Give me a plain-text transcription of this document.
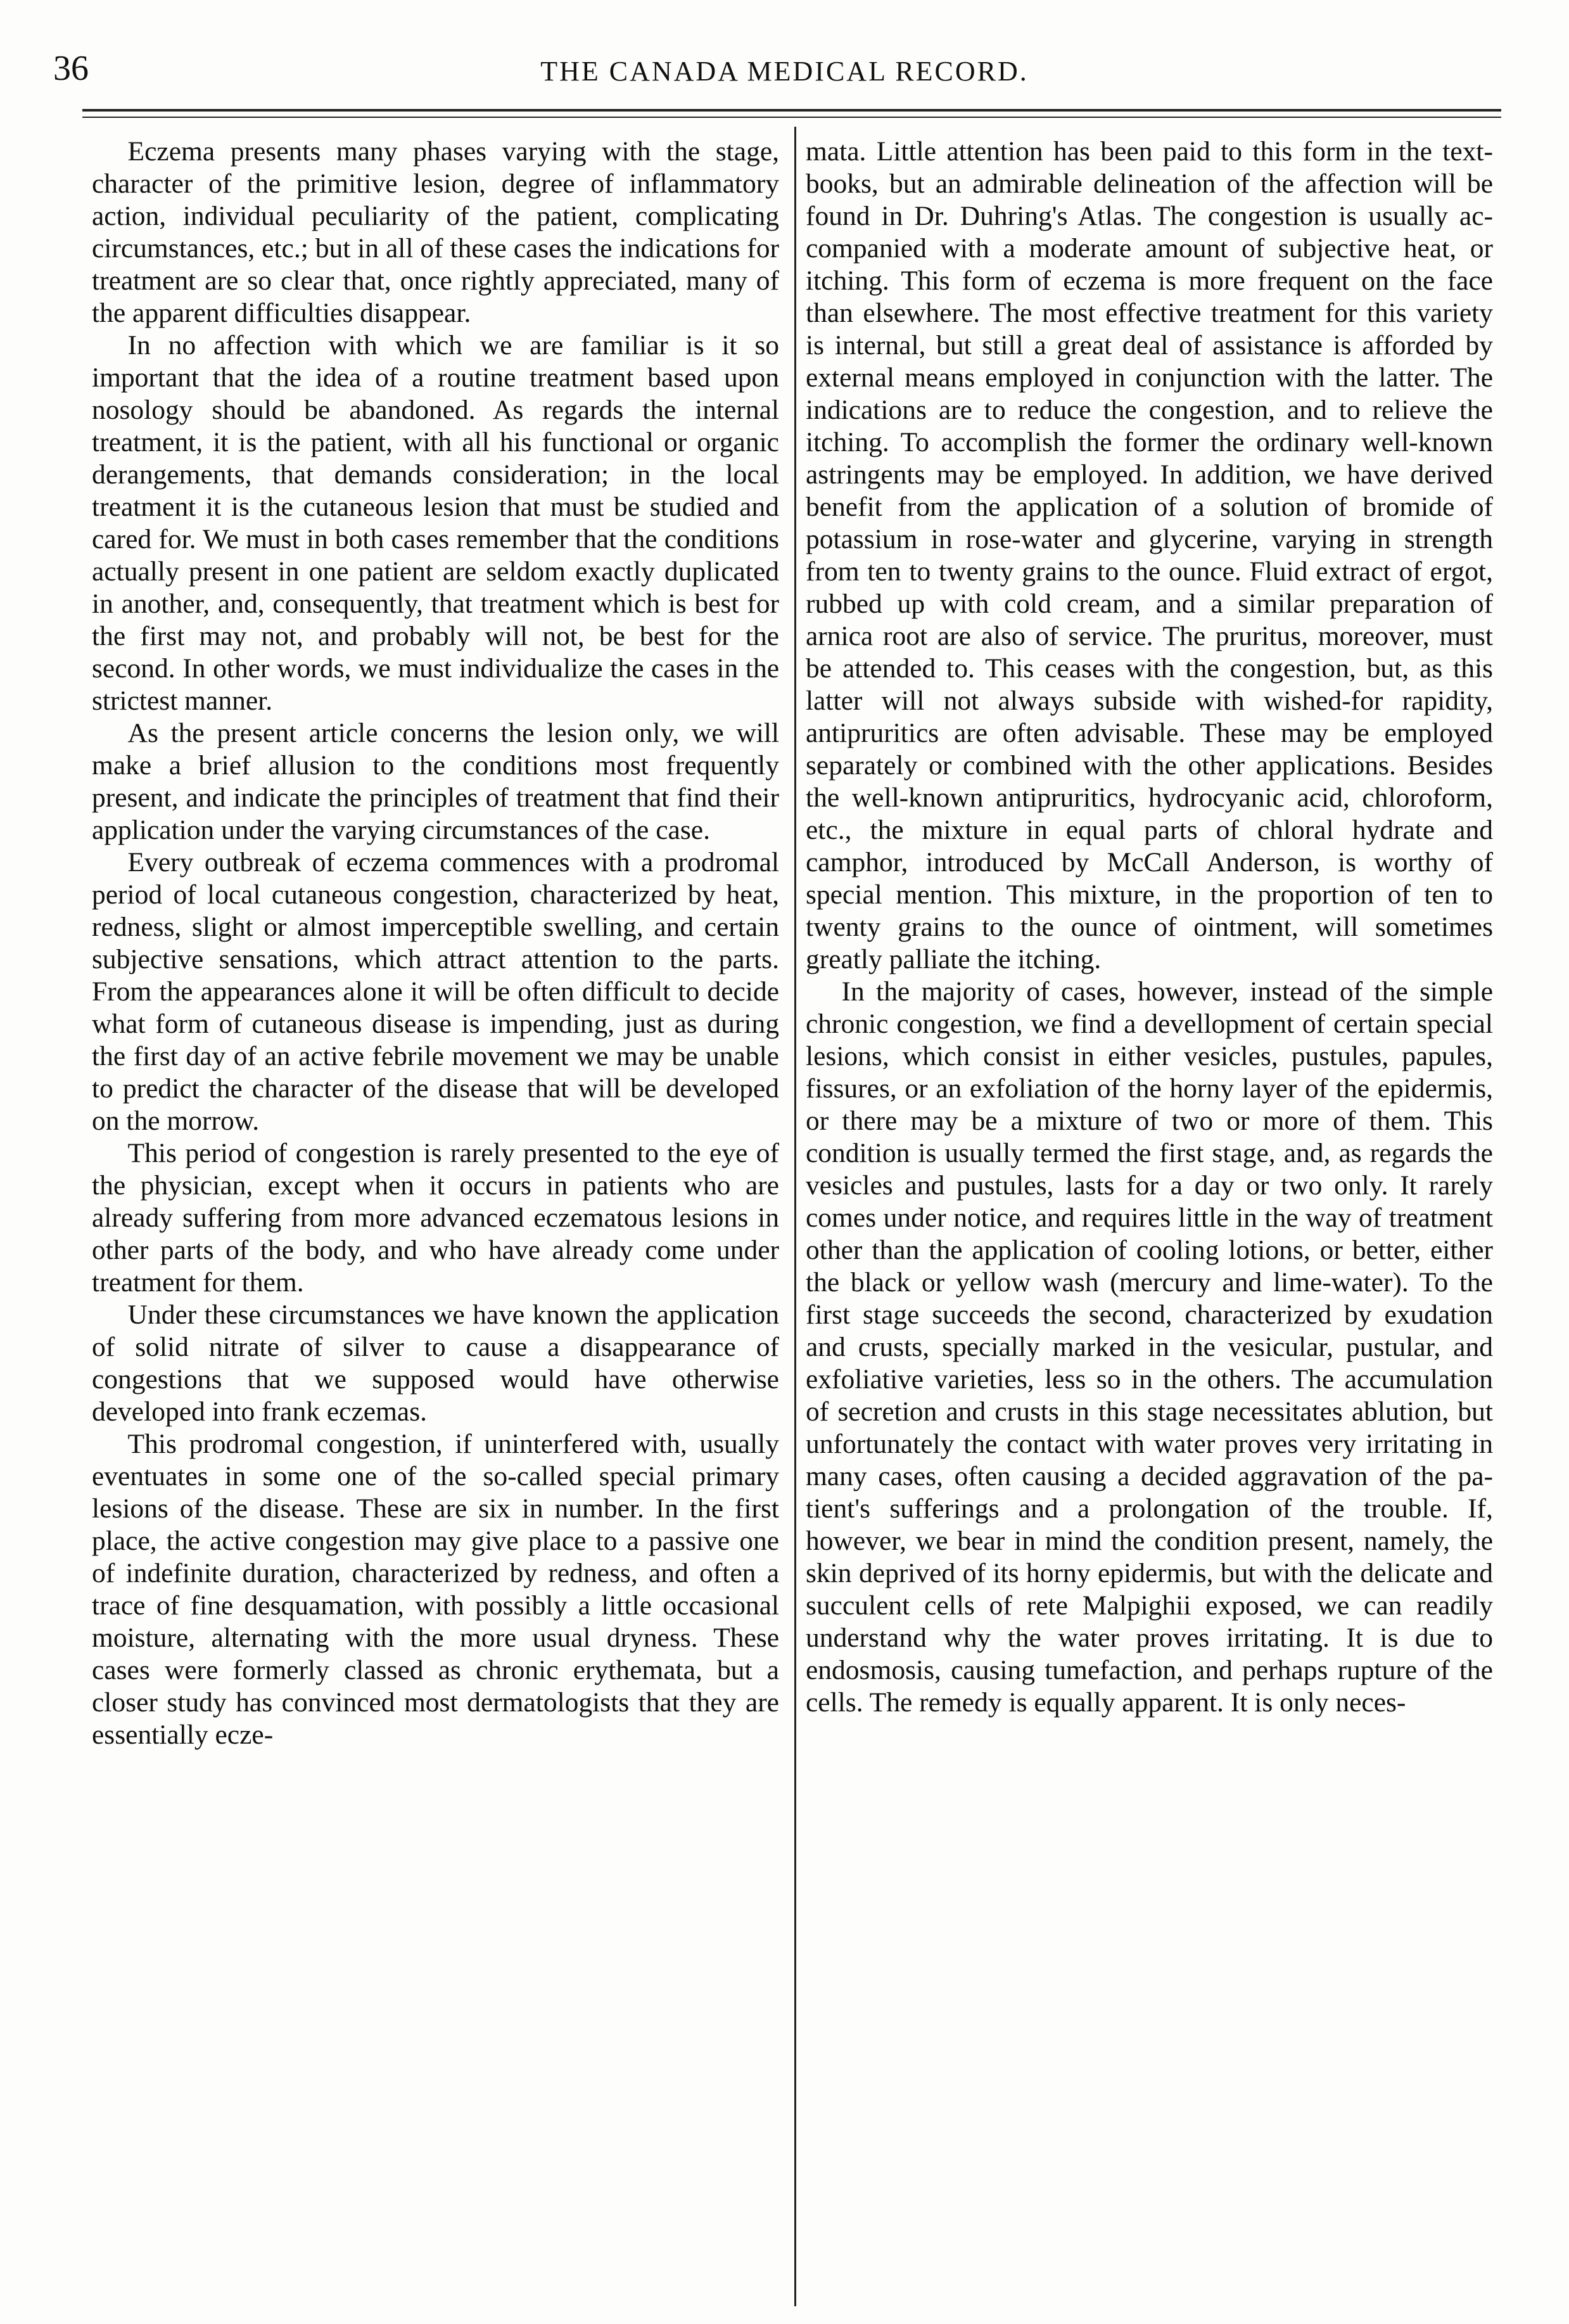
36	THE CANADA MEDICAL RECORD.

Eczema presents many phases varying with the stage, character of the primitive lesion, degree of inflammatory action, individual peculiarity of the patient, complicating circumstances, etc.; but in all of these cases the indications for treatment are so clear that, once rightly appreciated, many of the apparent difficulties disappear.

In no affection with which we are familiar is it so important that the idea of a routine treatment based upon nosology should be abandoned. As regards the internal treatment, it is the patient, with all his functional or organic derangements, that demands consideration; in the local treatment it is the cutaneous lesion that must be studied and cared for. We must in both cases remember that the conditions actually present in one patient are seldom exactly duplicated in another, and, consequently, that treatment which is best for the first may not, and probably will not, be best for the second. In other words, we must individualize the cases in the strictest manner.

As the present article concerns the lesion only, we will make a brief allusion to the conditions most frequently present, and indicate the principles of treatment that find their application under the varying circumstances of the case.

Every outbreak of eczema commences with a prodromal period of local cutaneous congestion, characterized by heat, redness, slight or almost imperceptible swelling, and certain subjective sensations, which attract attention to the parts. From the appearances alone it will be often difficult to decide what form of cutaneous disease is impending, just as during the first day of an active febrile movement we may be unable to predict the character of the disease that will be developed on the morrow.

This period of congestion is rarely presented to the eye of the physician, except when it occurs in patients who are already suffering from more advanced eczematous lesions in other parts of the body, and who have already come under treatment for them.

Under these circumstances we have known the application of solid nitrate of silver to cause a disappearance of congestions that we supposed would have otherwise developed into frank eczemas.

This prodromal congestion, if uninterfered with, usually eventuates in some one of the so-called special primary lesions of the disease. These are six in number. In the first place, the active congestion may give place to a passive one of indefinite duration, characterized by redness, and often a trace of fine desquamation, with possibly a little occasional moisture, alternating with the more usual dryness. These cases were formerly classed as chronic erythemata, but a closer study has convinced most dermatologists that they are essentially ecze-

mata. Little attention has been paid to this form in the text-books, but an admirable delineation of the affection will be found in Dr. Duhring's Atlas. The congestion is usually accompanied with a moderate amount of subjective heat, or itching. This form of eczema is more frequent on the face than elsewhere. The most effective treatment for this variety is internal, but still a great deal of assistance is afforded by external means employed in conjunction with the latter. The indications are to reduce the congestion, and to relieve the itching. To accomplish the former the ordinary well-known astringents may be employed. In addition, we have derived benefit from the application of a solution of bromide of potassium in rose-water and glycerine, varying in strength from ten to twenty grains to the ounce. Fluid extract of ergot, rubbed up with cold cream, and a similar preparation of arnica root are also of service. The pruritus, moreover, must be attended to. This ceases with the congestion, but, as this latter will not always subside with wished-for rapidity, antipruritics are often advisable. These may be employed separately or combined with the other applications. Besides the well-known antipruritics, hydrocyanic acid, chloroform, etc., the mixture in equal parts of chloral hydrate and camphor, introduced by McCall Anderson, is worthy of special mention. This mixture, in the proportion of ten to twenty grains to the ounce of ointment, will sometimes greatly palliate the itching.

In the majority of cases, however, instead of the simple chronic congestion, we find a devellopment of certain special lesions, which consist in either vesicles, pustules, papules, fissures, or an exfoliation of the horny layer of the epidermis, or there may be a mixture of two or more of them. This condition is usually termed the first stage, and, as regards the vesicles and pustules, lasts for a day or two only. It rarely comes under notice, and requires little in the way of treatment other than the application of cooling lotions, or better, either the black or yellow wash (mercury and lime-water). To the first stage succeeds the second, characterized by exudation and crusts, specially marked in the vesicular, pustular, and exfoliative varieties, less so in the others. The accumulation of secretion and crusts in this stage necessitates ablution, but unfortunately the contact with water proves very irritating in many cases, often causing a decided aggravation of the patient's sufferings and a prolongation of the trouble. If, however, we bear in mind the condition present, namely, the skin deprived of its horny epidermis, but with the delicate and succulent cells of rete Malpighii exposed, we can readily understand why the water proves irritating. It is due to endosmosis, causing tumefaction, and perhaps rupture of the cells. The remedy is equally apparent. It is only neces-
